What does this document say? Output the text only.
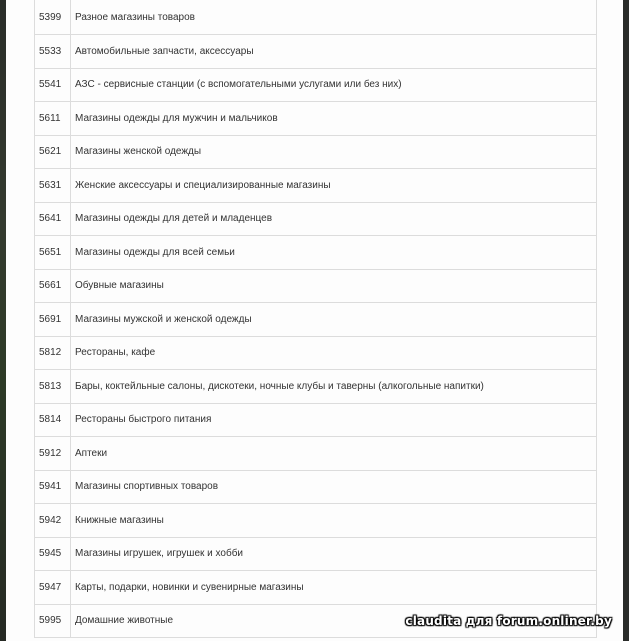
5399	Разное магазины товаров
5533	Автомобильные запчасти, аксессуары
5541	АЗС - сервисные станции (с вспомогательными услугами или без них)
5611	Магазины одежды для мужчин и мальчиков
5621	Магазины женской одежды
5631	Женские аксессуары и специализированные магазины
5641	Магазины одежды для детей и младенцев
5651	Магазины одежды для всей семьи
5661	Обувные магазины
5691	Магазины мужской и женской одежды
5812	Рестораны, кафе
5813	Бары, коктейльные салоны, дискотеки, ночные клубы и таверны (алкогольные напитки)
5814	Рестораны быстрого питания
5912	Аптеки
5941	Магазины спортивных товаров
5942	Книжные магазины
5945	Магазины игрушек, игрушек и хобби
5947	Карты, подарки, новинки и сувенирные магазины
5995	Домашние животные	claudita для forum.onliner.by
